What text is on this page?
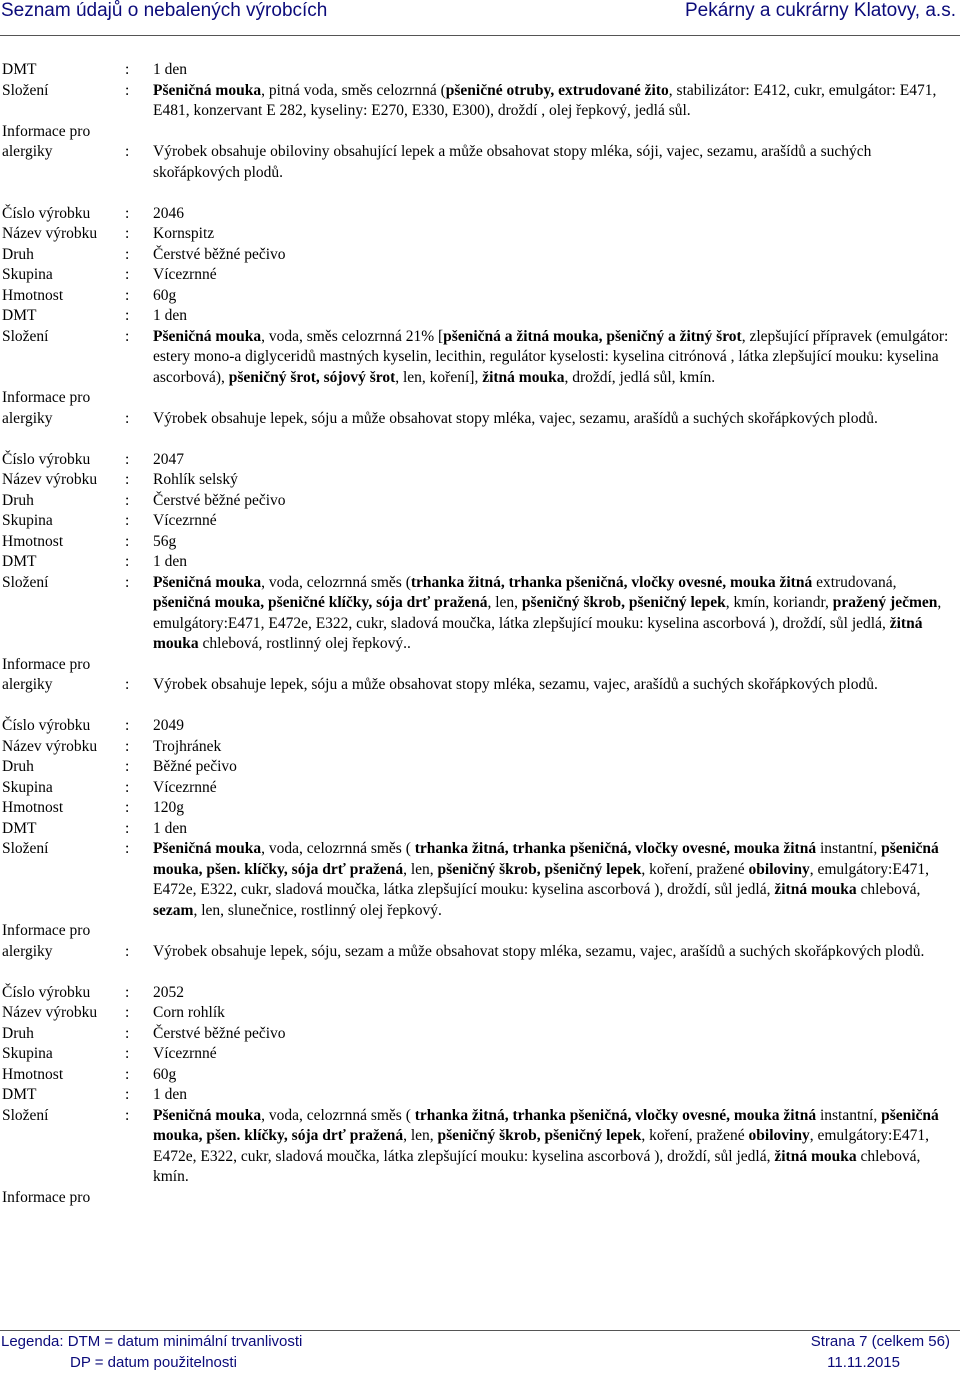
Seznam údajů o nebalených výrobcích	Pekárny a cukrárny Klatovy, a.s.
DMT	:	1 den
Složení	:	Pšeničná mouka, pitná voda, směs celozrnná (pšeničné otruby, extrudované žito, stabilizátor: E412, cukr, emulgátor: E471, E481, konzervant E 282, kyseliny: E270, E330, E300), droždí , olej řepkový, jedlá sůl.
Informace pro
alergiky	:	Výrobek obsahuje obiloviny obsahující lepek a může obsahovat stopy mléka, sóji, vajec, sezamu, arašídů a suchých skořápkových plodů.
Číslo výrobku	:	2046
Název výrobku	:	Kornspitz
Druh	:	Čerstvé běžné pečivo
Skupina	:	Vícezrnné
Hmotnost	:	60g
DMT	:	1 den
Složení	:	Pšeničná mouka, voda, směs celozrnná 21% [pšeničná a žitná mouka, pšeničný a žitný šrot, zlepšující přípravek (emulgátor: estery mono-a diglyceridů mastných kyselin, lecithin, regulátor kyselosti: kyselina citrónová , látka zlepšující mouku: kyselina ascorbová), pšeničný šrot, sójový šrot, len, koření], žitná mouka, droždí, jedlá sůl, kmín.
Informace pro
alergiky	:	Výrobek obsahuje lepek, sóju a může obsahovat stopy mléka, vajec, sezamu, arašídů a suchých skořápkových plodů.
Číslo výrobku	:	2047
Název výrobku	:	Rohlík selský
Druh	:	Čerstvé běžné pečivo
Skupina	:	Vícezrnné
Hmotnost	:	56g
DMT	:	1 den
Složení	:	Pšeničná mouka, voda, celozrnná směs (trhanka žitná, trhanka pšeničná, vločky ovesné, mouka žitná extrudovaná, pšeničná mouka, pšeničné klíčky, sója drť pražená, len, pšeničný škrob, pšeničný lepek, kmín, koriandr, pražený ječmen, emulgátory:E471, E472e, E322, cukr, sladová moučka, látka zlepšující mouku: kyselina ascorbová ), droždí, sůl jedlá, žitná mouka chlebová, rostlinný olej řepkový..
Informace pro
alergiky	:	Výrobek obsahuje lepek, sóju a může obsahovat stopy mléka, sezamu, vajec, arašídů a suchých skořápkových plodů.
Číslo výrobku	:	2049
Název výrobku	:	Trojhránek
Druh	:	Běžné pečivo
Skupina	:	Vícezrnné
Hmotnost	:	120g
DMT	:	1 den
Složení	:	Pšeničná mouka, voda, celozrnná směs ( trhanka žitná, trhanka pšeničná, vločky ovesné, mouka žitná instantní, pšeničná mouka, pšen. klíčky, sója drť pražená, len, pšeničný škrob, pšeničný lepek, koření, pražené obiloviny, emulgátory:E471, E472e, E322, cukr, sladová moučka, látka zlepšující mouku: kyselina ascorbová ), droždí, sůl jedlá, žitná mouka chlebová, sezam, len, slunečnice, rostlinný olej řepkový.
Informace pro
alergiky	:	Výrobek obsahuje lepek, sóju, sezam a může obsahovat stopy mléka, sezamu, vajec, arašídů a suchých skořápkových plodů.
Číslo výrobku	:	2052
Název výrobku	:	Corn rohlík
Druh	:	Čerstvé běžné pečivo
Skupina	:	Vícezrnné
Hmotnost	:	60g
DMT	:	1 den
Složení	:	Pšeničná mouka, voda, celozrnná směs ( trhanka žitná, trhanka pšeničná, vločky ovesné, mouka žitná instantní, pšeničná mouka, pšen. klíčky, sója drť pražená, len, pšeničný škrob, pšeničný lepek, koření, pražené obiloviny, emulgátory:E471, E472e, E322, cukr, sladová moučka, látka zlepšující mouku: kyselina ascorbová ), droždí, sůl jedlá, žitná mouka chlebová, kmín.
Informace pro
Legenda: DTM = datum minimální trvanlivosti
DP = datum použitelnosti
Strana 7 (celkem 56)
11.11.2015
